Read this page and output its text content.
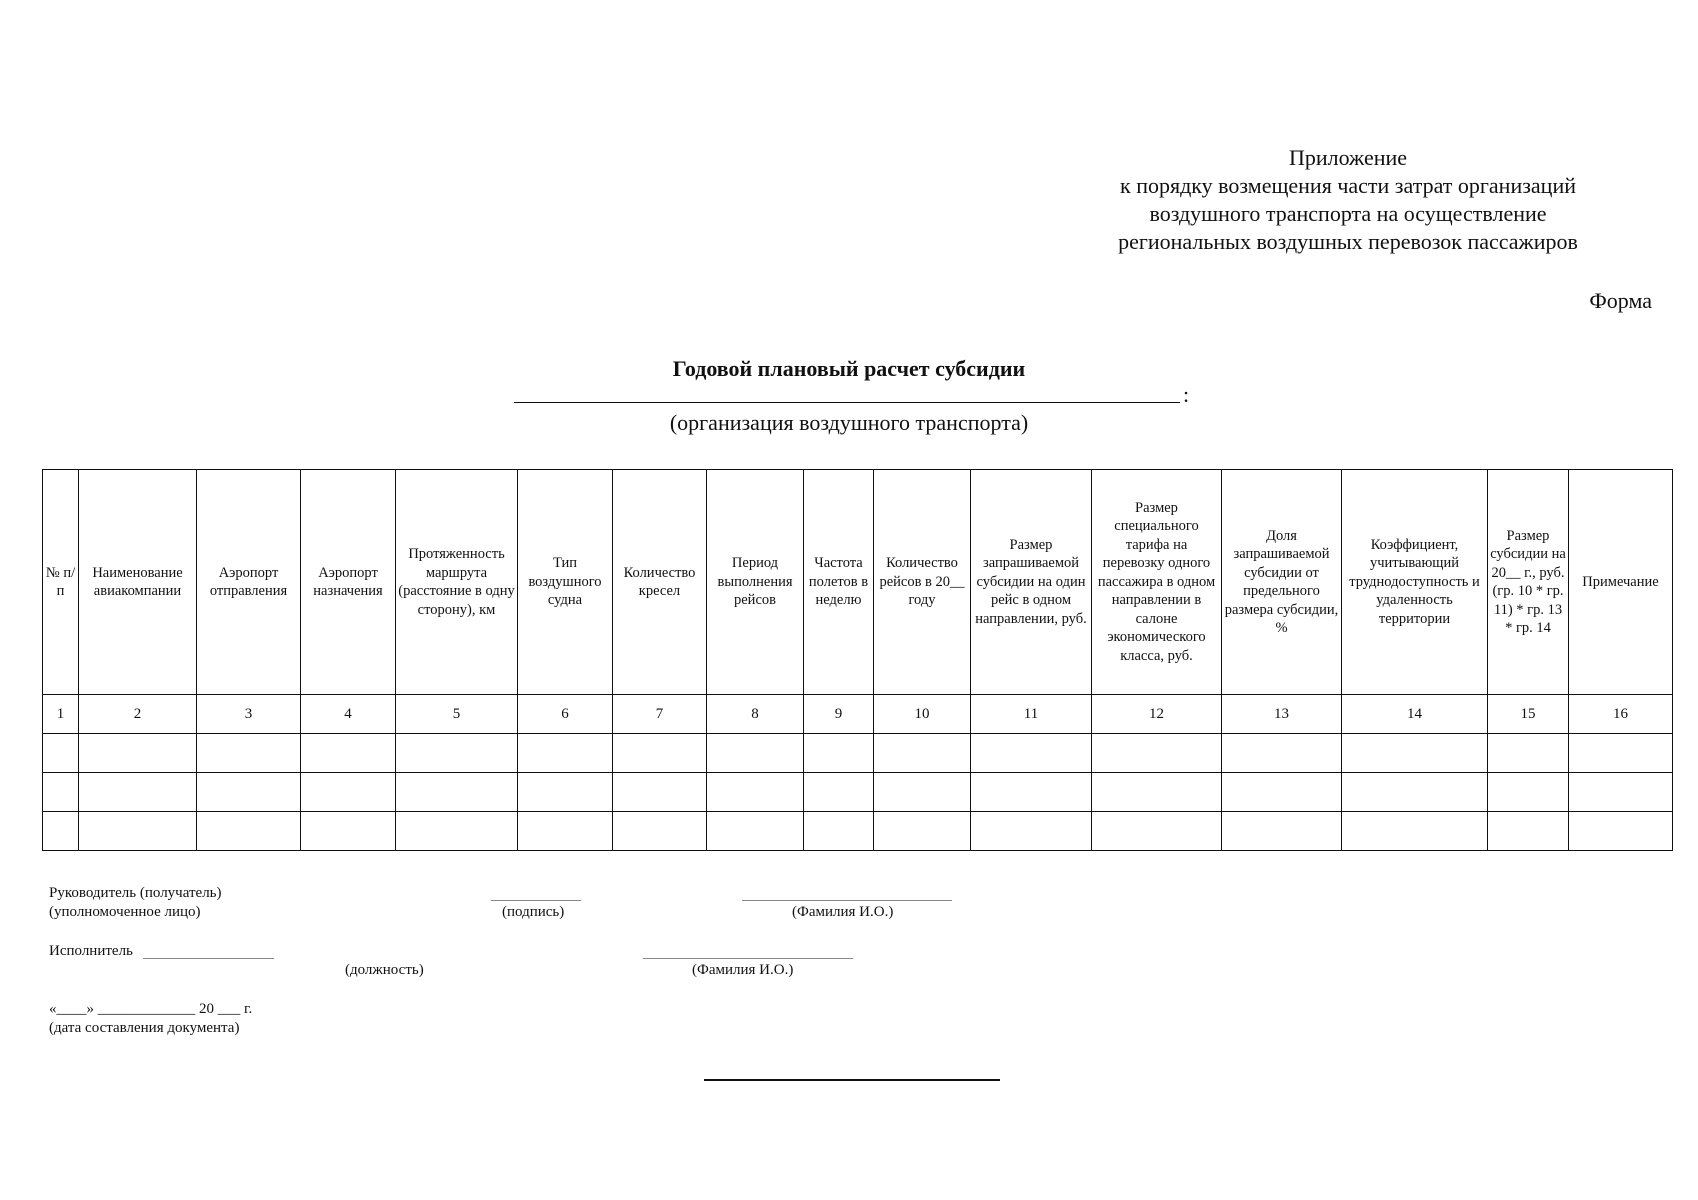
Приложение
к порядку возмещения части затрат организаций
воздушного транспорта на осуществление
региональных воздушных перевозок пассажиров
Форма
Годовой плановый расчет субсидии
:
(организация воздушного транспорта)
№ п/п	Наименование авиакомпании	Аэропорт отправления	Аэропорт назначения	Протяженность маршрута (расстояние в одну сторону), км	Тип воздушного судна	Количество кресел	Период выполнения рейсов	Частота полетов в неделю	Количество рейсов в 20__ году	Размер запрашиваемой субсидии на один рейс в одном направлении, руб.	Размер специального тарифа на перевозку одного пассажира в одном направлении в салоне экономического класса, руб.	Доля запрашиваемой субсидии от предельного размера субсидии, %	Коэффициент, учитывающий труднодоступность и удаленность территории	Размер субсидии на 20__ г., руб. (гр. 10 * гр. 11) * гр. 13 * гр. 14	Примечание
1	2	3	4	5	6	7	8	9	10	11	12	13	14	15	16

Руководитель (получатель)
(уполномоченное лицо)	(подпись)	(Фамилия И.О.)
Исполнитель
(должность)	(Фамилия И.О.)
«____» _____________ 20 ___ г.
(дата составления документа)
